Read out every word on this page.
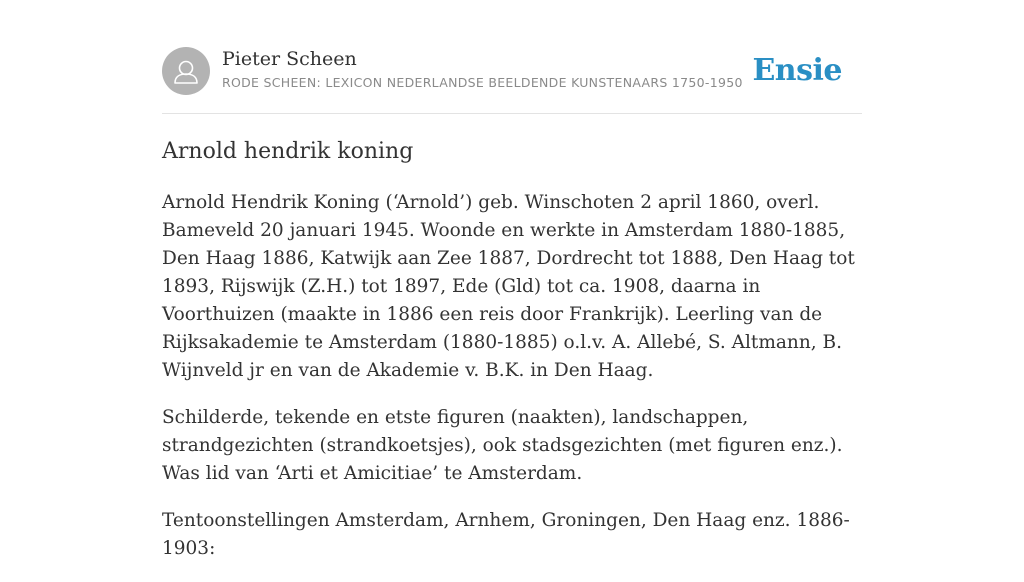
Pieter Scheen
RODE SCHEEN: LEXICON NEDERLANDSE BEELDENDE KUNSTENAARS 1750-1950 Ensie
Arnold hendrik koning

Arnold Hendrik Koning (‘Arnold’) geb. Winschoten 2 april 1860, overl. Bameveld 20 januari 1945. Woonde en werkte in Amsterdam 1880-1885, Den Haag 1886, Katwijk aan Zee 1887, Dordrecht tot 1888, Den Haag tot 1893, Rijswijk (Z.H.) tot 1897, Ede (Gld) tot ca. 1908, daarna in Voorthuizen (maakte in 1886 een reis door Frankrijk). Leerling van de Rijksakademie te Amsterdam (1880-1885) o.l.v. A. Allebé, S. Altmann, B. Wijnveld jr en van de Akademie v. B.K. in Den Haag.

Schilderde, tekende en etste figuren (naakten), landschappen, strandgezichten (strandkoetsjes), ook stadsgezichten (met figuren enz.). Was lid van ‘Arti et Amicitiae’ te Amsterdam.

Tentoonstellingen Amsterdam, Arnhem, Groningen, Den Haag enz. 1886-1903:
